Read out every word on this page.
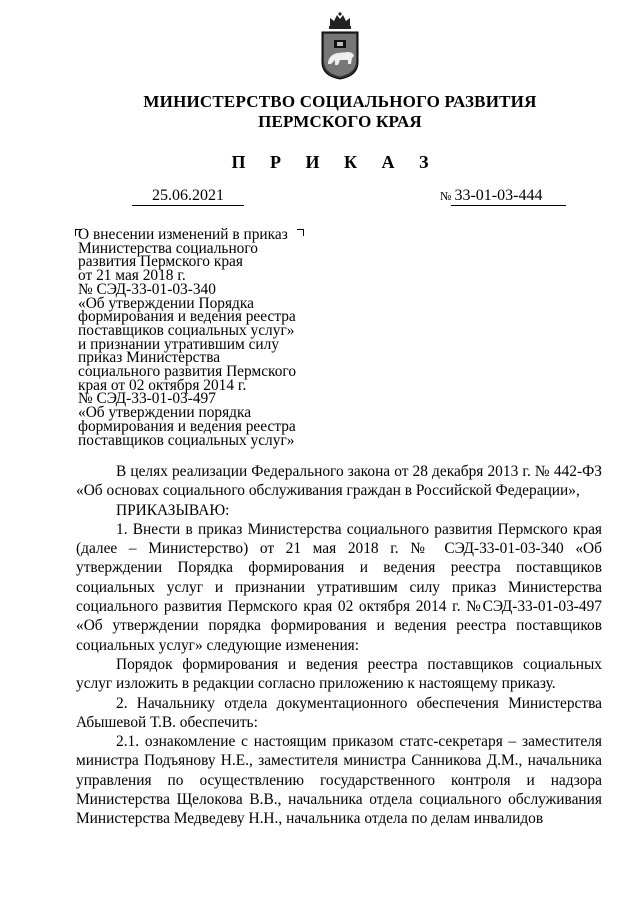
МИНИСТЕРСТВО СОЦИАЛЬНОГО РАЗВИТИЯ
ПЕРМСКОГО КРАЯ
П Р И К А З
25.06.2021	№ 33-01-03-444
О внесении изменений в приказ
Министерства социального
развития Пермского края
от 21 мая 2018 г.
№ СЭД-33-01-03-340
«Об утверждении Порядка
формирования и ведения реестра
поставщиков социальных услуг»
и признании утратившим силу
приказ Министерства
социального развития Пермского
края от 02 октября 2014 г.
№ СЭД-33-01-03-497
«Об утверждении порядка
формирования и ведения реестра
поставщиков социальных услуг»

В целях реализации Федерального закона от 28 декабря 2013 г. № 442-ФЗ «Об основах социального обслуживания граждан в Российской Федерации»,

ПРИКАЗЫВАЮ:

1. Внести в приказ Министерства социального развития Пермского края (далее – Министерство) от 21 мая 2018 г. № СЭД-33-01-03-340 «Об утверждении Порядка формирования и ведения реестра поставщиков социальных услуг и признании утратившим силу приказ Министерства социального развития Пермского края 02 октября 2014 г. №СЭД-33-01-03-497 «Об утверждении порядка формирования и ведения реестра поставщиков социальных услуг» следующие изменения:

Порядок формирования и ведения реестра поставщиков социальных услуг изложить в редакции согласно приложению к настоящему приказу.

2. Начальнику отдела документационного обеспечения Министерства Абышевой Т.В. обеспечить:

2.1. ознакомление с настоящим приказом статс-секретаря – заместителя министра Подъянову Н.Е., заместителя министра Санникова Д.М., начальника управления по осуществлению государственного контроля и надзора Министерства Щелокова В.В., начальника отдела социального обслуживания Министерства Медведеву Н.Н., начальника отдела по делам инвалидов
